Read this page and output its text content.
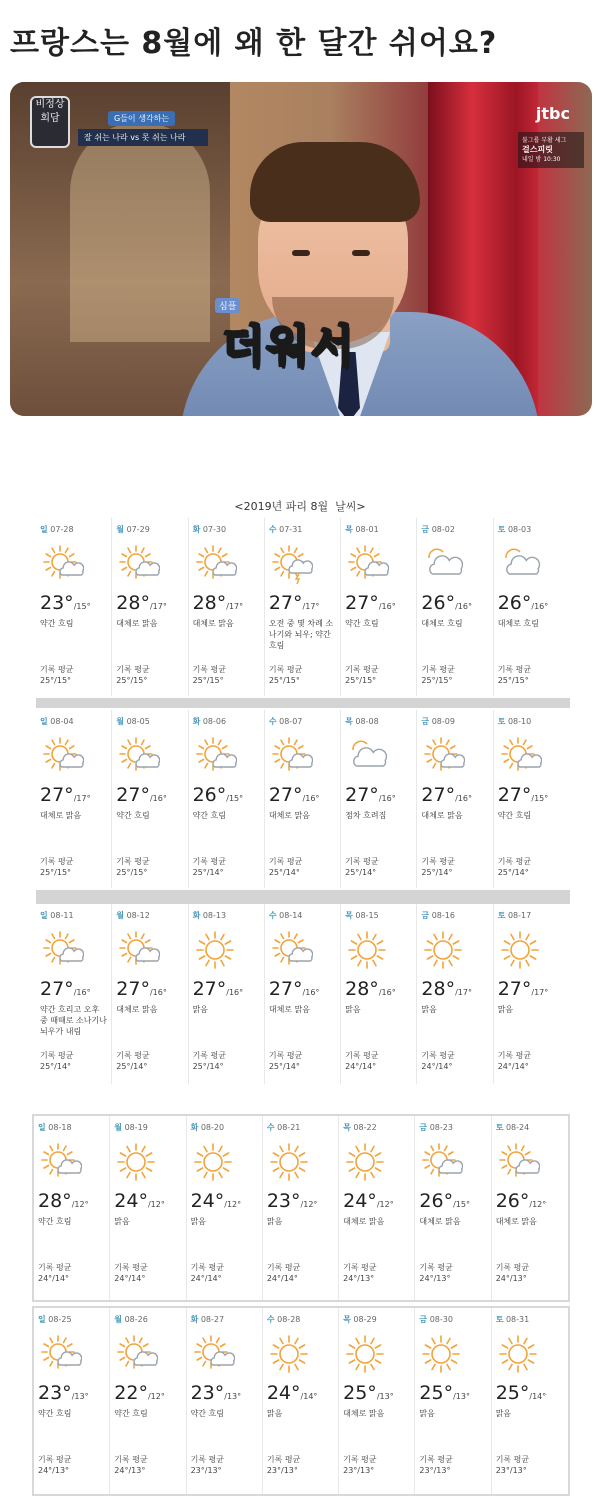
프랑스는 8월에 왜 한 달간 쉬어요?
비정상 회담	G들이 생각하는
잘 쉬는 나라 vs 못 쉬는 나라
jtbc
불그룹 부활 세그
걸스피릿
내일 밤 10:30
심플
더워서
<2019년 파리 8월  날씨>
일 07-28
23°/15°
약간 흐림
기록 평균
25°/15°
월 07-29
28°/17°
대체로 맑음
기록 평균
25°/15°
화 07-30
28°/17°
대체로 맑음
기록 평균
25°/15°
수 07-31
27°/17°
오전 중 몇 차례 소나기와 뇌우; 약간 흐림
기록 평균
25°/15°
목 08-01
27°/16°
약간 흐림
기록 평균
25°/15°
금 08-02
26°/16°
대체로 흐림
기록 평균
25°/15°
토 08-03
26°/16°
대체로 흐림
기록 평균
25°/15°
일 08-04
27°/17°
대체로 맑음
기록 평균
25°/15°
월 08-05
27°/16°
약간 흐림
기록 평균
25°/15°
화 08-06
26°/15°
약간 흐림
기록 평균
25°/14°
수 08-07
27°/16°
대체로 맑음
기록 평균
25°/14°
목 08-08
27°/16°
점차 흐려짐
기록 평균
25°/14°
금 08-09
27°/16°
대체로 맑음
기록 평균
25°/14°
토 08-10
27°/15°
약간 흐림
기록 평균
25°/14°
일 08-11
27°/16°
약간 흐리고 오후 중 때때로 소나기나 뇌우가 내림
기록 평균
25°/14°
월 08-12
27°/16°
대체로 맑음
기록 평균
25°/14°
화 08-13
27°/16°
맑음
기록 평균
25°/14°
수 08-14
27°/16°
대체로 맑음
기록 평균
25°/14°
목 08-15
28°/16°
맑음
기록 평균
24°/14°
금 08-16
28°/17°
맑음
기록 평균
24°/14°
토 08-17
27°/17°
맑음
기록 평균
24°/14°
일 08-18
28°/12°
약간 흐림
기록 평균
24°/14°
월 08-19
24°/12°
맑음
기록 평균
24°/14°
화 08-20
24°/12°
맑음
기록 평균
24°/14°
수 08-21
23°/12°
맑음
기록 평균
24°/14°
목 08-22
24°/12°
대체로 맑음
기록 평균
24°/13°
금 08-23
26°/15°
대체로 맑음
기록 평균
24°/13°
토 08-24
26°/12°
대체로 맑음
기록 평균
24°/13°
일 08-25
23°/13°
약간 흐림
기록 평균
24°/13°
월 08-26
22°/12°
약간 흐림
기록 평균
24°/13°
화 08-27
23°/13°
약간 흐림
기록 평균
23°/13°
수 08-28
24°/14°
맑음
기록 평균
23°/13°
목 08-29
25°/13°
대체로 맑음
기록 평균
23°/13°
금 08-30
25°/13°
맑음
기록 평균
23°/13°
토 08-31
25°/14°
맑음
기록 평균
23°/13°
